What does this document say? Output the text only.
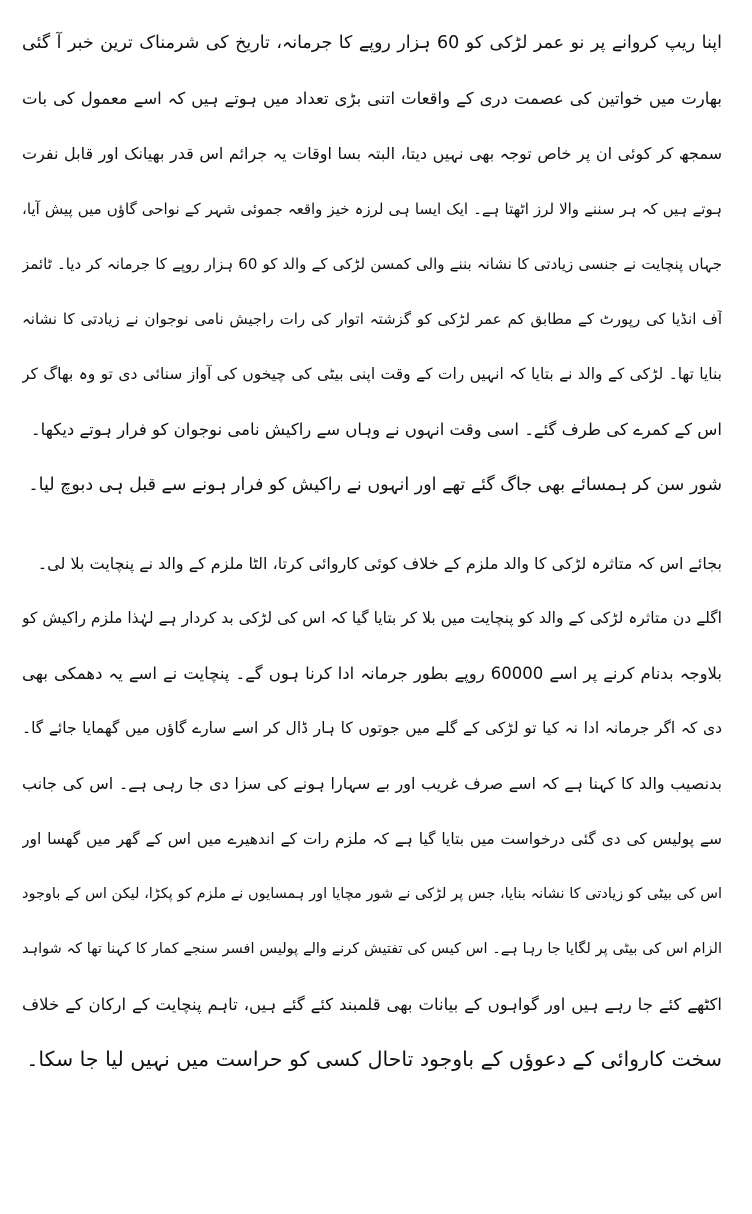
اپنا ریپ کروانے پر نو عمر لڑکی کو 60 ہزار روپے کا جرمانہ، تاریخ کی شرمناک ترین خبر آ گئی
بھارت میں خواتین کی عصمت دری کے واقعات اتنی بڑی تعداد میں ہوتے ہیں کہ اسے معمول کی بات
سمجھ کر کوئی ان پر خاص توجہ بھی نہیں دیتا، البتہ بسا اوقات یہ جرائم اس قدر بھیانک اور قابل نفرت
ہوتے ہیں کہ ہر سننے والا لرز اٹھتا ہے۔ ایک ایسا ہی لرزہ خیز واقعہ جموئی شہر کے نواحی گاؤں میں پیش آیا،
جہاں پنچایت نے جنسی زیادتی کا نشانہ بننے والی کمسن لڑکی کے والد کو 60 ہزار روپے کا جرمانہ کر دیا۔ ٹائمز
آف انڈیا کی رپورٹ کے مطابق کم عمر لڑکی کو گزشتہ اتوار کی رات راجیش نامی نوجوان نے زیادتی کا نشانہ
بنایا تھا۔ لڑکی کے والد نے بتایا کہ انہیں رات کے وقت اپنی بیٹی کی چیخوں کی آواز سنائی دی تو وہ بھاگ کر
اس کے کمرے کی طرف گئے۔ اسی وقت انہوں نے وہاں سے راکیش نامی نوجوان کو فرار ہوتے دیکھا۔
شور سن کر ہمسائے بھی جاگ گئے تھے اور انہوں نے راکیش کو فرار ہونے سے قبل ہی دبوچ لیا۔
بجائے اس کہ متاثرہ لڑکی کا والد ملزم کے خلاف کوئی کاروائی کرتا، الٹا ملزم کے والد نے پنچایت بلا لی۔
اگلے دن متاثرہ لڑکی کے والد کو پنچایت میں بلا کر بتایا گیا کہ اس کی لڑکی بد کردار ہے لہٰذا ملزم راکیش کو
بلاوجہ بدنام کرنے پر اسے 60000 روپے بطور جرمانہ ادا کرنا ہوں گے۔ پنچایت نے اسے یہ دھمکی بھی
دی کہ اگر جرمانہ ادا نہ کیا تو لڑکی کے گلے میں جوتوں کا ہار ڈال کر اسے سارے گاؤں میں گھمایا جائے گا۔
بدنصیب والد کا کہنا ہے کہ اسے صرف غریب اور بے سہارا ہونے کی سزا دی جا رہی ہے۔ اس کی جانب
سے پولیس کی دی گئی درخواست میں بتایا گیا ہے کہ ملزم رات کے اندھیرے میں اس کے گھر میں گھسا اور
اس کی بیٹی کو زیادتی کا نشانہ بنایا، جس پر لڑکی نے شور مچایا اور ہمسایوں نے ملزم کو پکڑا، لیکن اس کے باوجود
الزام اس کی بیٹی پر لگایا جا رہا ہے۔ اس کیس کی تفتیش کرنے والے پولیس افسر سنجے کمار کا کہنا تھا کہ شواہد
اکٹھے کئے جا رہے ہیں اور گواہوں کے بیانات بھی قلمبند کئے گئے ہیں، تاہم پنچایت کے ارکان کے خلاف
سخت کاروائی کے دعوؤں کے باوجود تاحال کسی کو حراست میں نہیں لیا جا سکا۔
